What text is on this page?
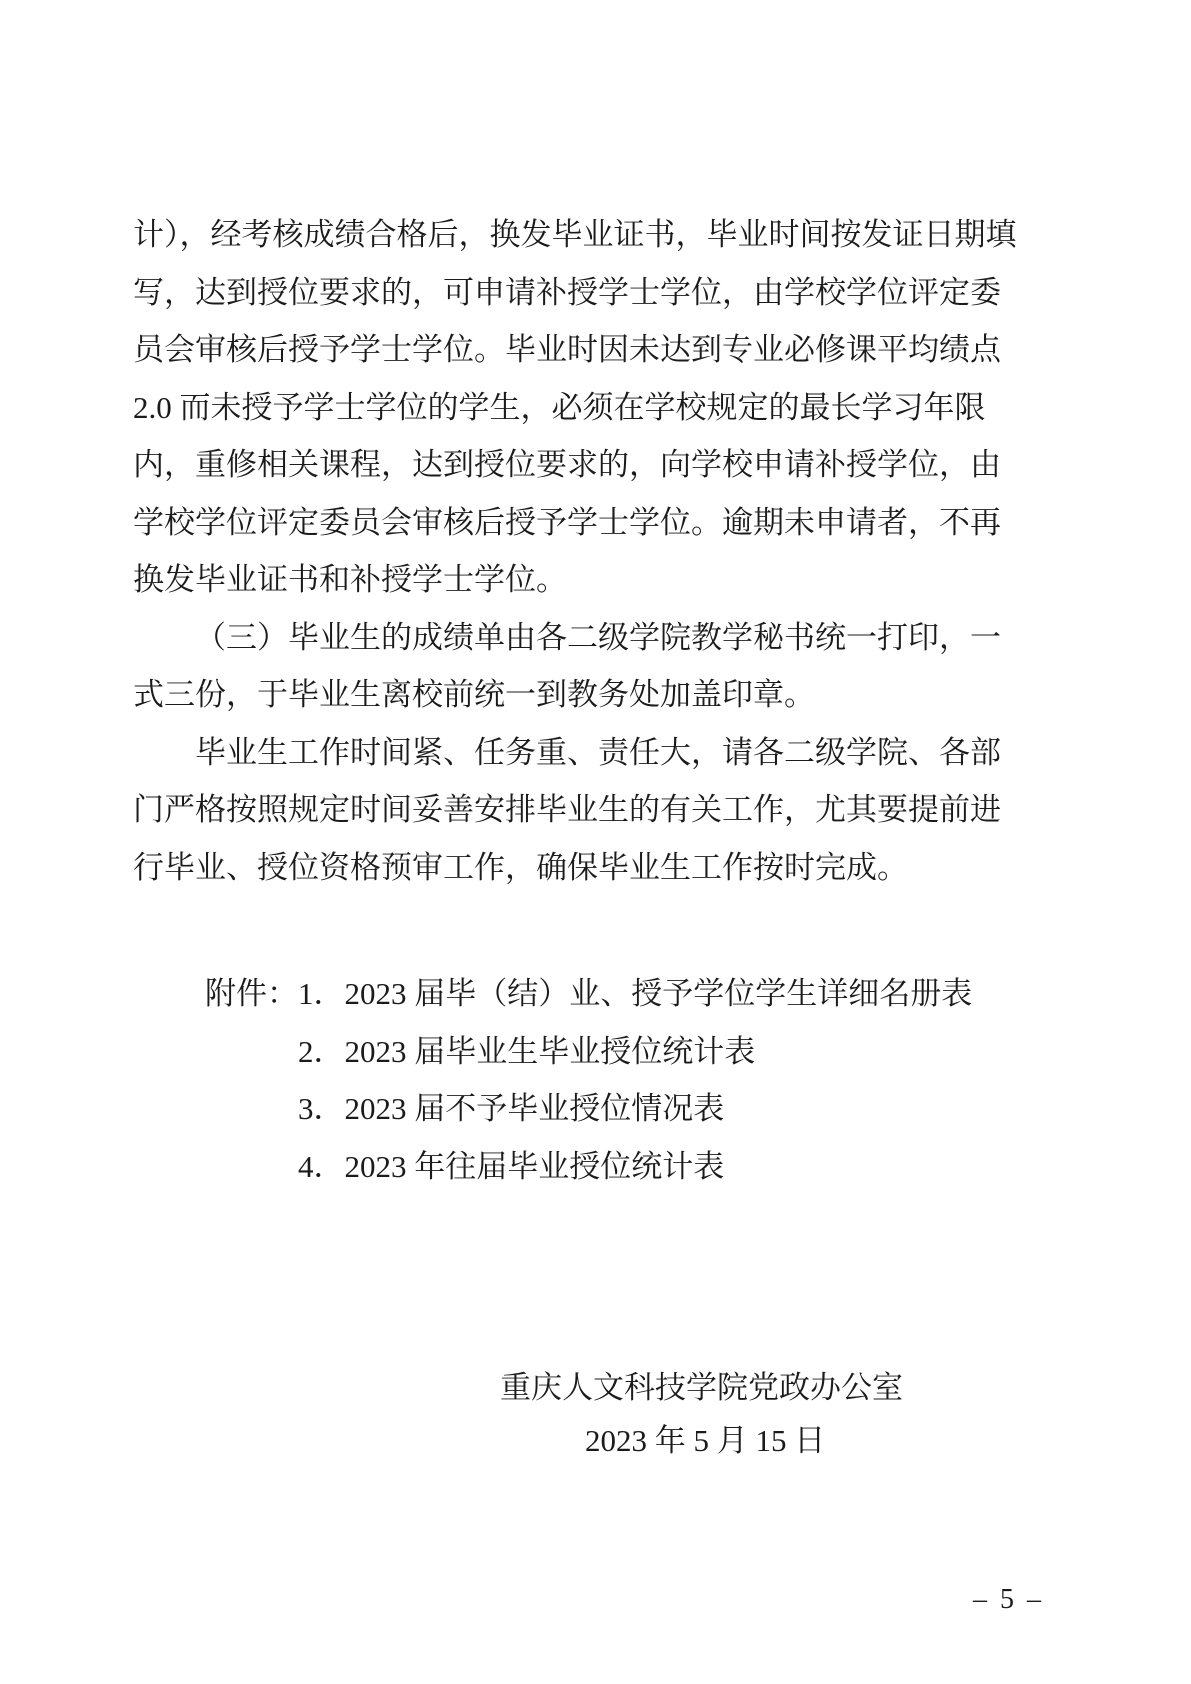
计），经考核成绩合格后，换发毕业证书，毕业时间按发证日期填
写，达到授位要求的，可申请补授学士学位，由学校学位评定委
员会审核后授予学士学位。毕业时因未达到专业必修课平均绩点
2.0 而未授予学士学位的学生，必须在学校规定的最长学习年限
内，重修相关课程，达到授位要求的，向学校申请补授学位，由
学校学位评定委员会审核后授予学士学位。逾期未申请者，不再
换发毕业证书和补授学士学位。
（三）毕业生的成绩单由各二级学院教学秘书统一打印，一
式三份，于毕业生离校前统一到教务处加盖印章。
毕业生工作时间紧、任务重、责任大，请各二级学院、各部
门严格按照规定时间妥善安排毕业生的有关工作，尤其要提前进
行毕业、授位资格预审工作，确保毕业生工作按时完成。
附件：1．2023 届毕（结）业、授予学位学生详细名册表
2．2023 届毕业生毕业授位统计表
3．2023 届不予毕业授位情况表
4．2023 年往届毕业授位统计表
重庆人文科技学院党政办公室
2023 年 5 月 15 日
– 5 –
